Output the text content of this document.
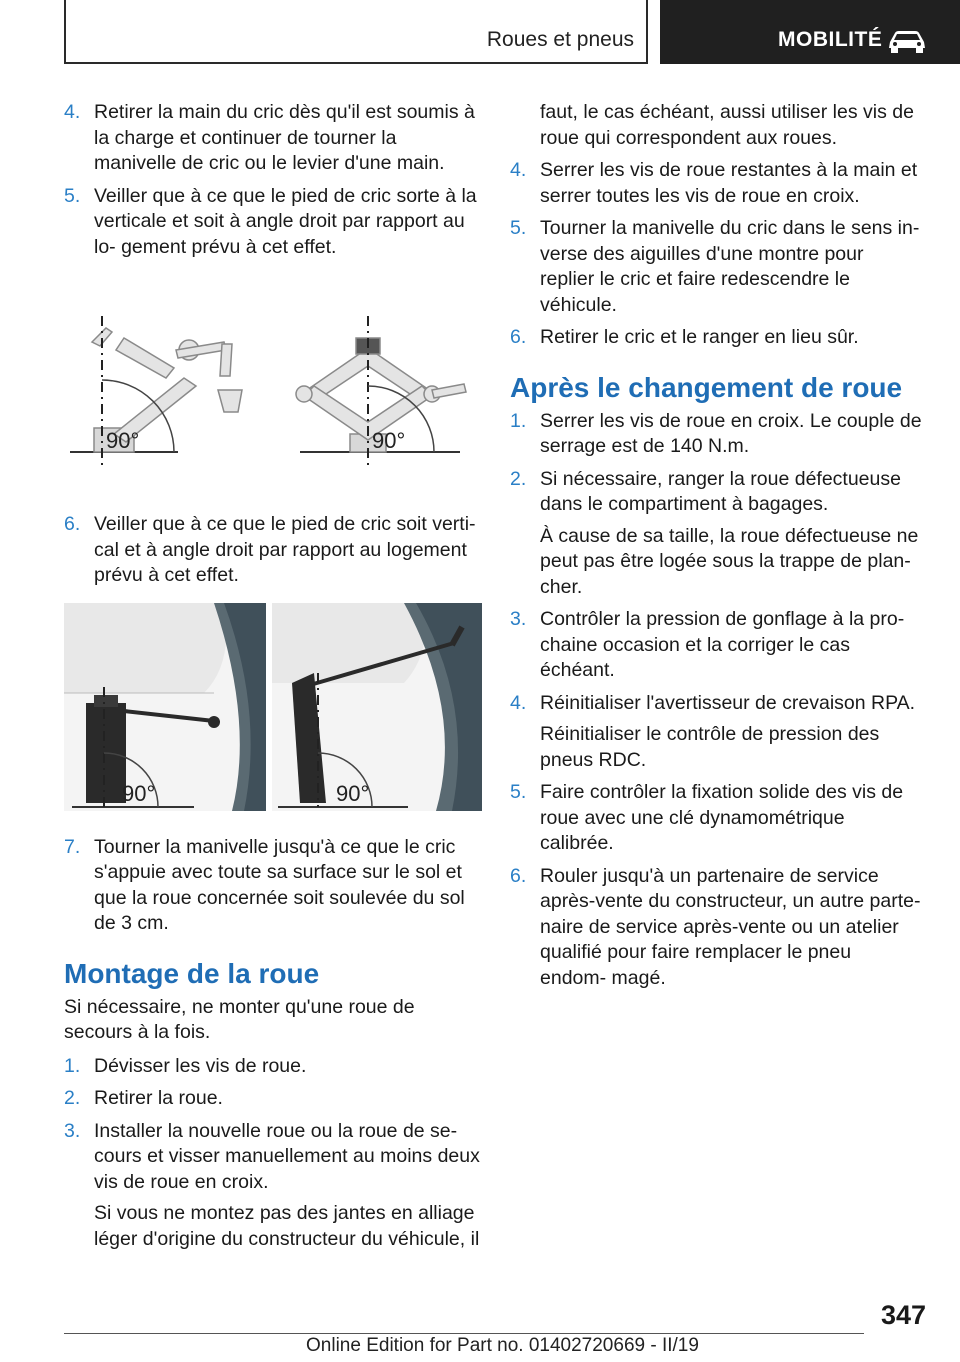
Roues et pneus	MOBILITÉ
4. Retirer la main du cric dès qu'il est soumis à la charge et continuer de tourner la manivelle de cric ou le levier d'une main.
5. Veiller que à ce que le pied de cric sorte à la verticale et soit à angle droit par rapport au lo‐ gement prévu à cet effet.
90°	90°
6. Veiller que à ce que le pied de cric soit verti‐ cal et à angle droit par rapport au logement prévu à cet effet.
90°	90°
7. Tourner la manivelle jusqu'à ce que le cric s'appuie avec toute sa surface sur le sol et que la roue concernée soit soulevée du sol de 3 cm.
Montage de la roue

Si nécessaire, ne monter qu'une roue de secours à la fois.

1. Dévisser les vis de roue.
2. Retirer la roue.
3. Installer la nouvelle roue ou la roue de se‐ cours et visser manuellement au moins deux vis de roue en croix.
Si vous ne montez pas des jantes en alliage léger d'origine du constructeur du véhicule, il

faut, le cas échéant, aussi utiliser les vis de roue qui correspondent aux roues.

4. Serrer les vis de roue restantes à la main et serrer toutes les vis de roue en croix.
5. Tourner la manivelle du cric dans le sens in‐ verse des aiguilles d'une montre pour replier le cric et faire redescendre le véhicule.
6. Retirer le cric et le ranger en lieu sûr.
Après le changement de roue
1. Serrer les vis de roue en croix. Le couple de serrage est de 140 N.m.
2. Si nécessaire, ranger la roue défectueuse dans le compartiment à bagages.
À cause de sa taille, la roue défectueuse ne peut pas être logée sous la trappe de plan‐ cher.
3. Contrôler la pression de gonflage à la pro‐ chaine occasion et la corriger le cas échéant.
4. Réinitialiser l'avertisseur de crevaison RPA.
Réinitialiser le contrôle de pression des pneus RDC.
5. Faire contrôler la fixation solide des vis de roue avec une clé dynamométrique calibrée.
6. Rouler jusqu'à un partenaire de service après-vente du constructeur, un autre parte‐ naire de service après-vente ou un atelier qualifié pour faire remplacer le pneu endom‐ magé.
347
Online Edition for Part no. 01402720669 - II/19
